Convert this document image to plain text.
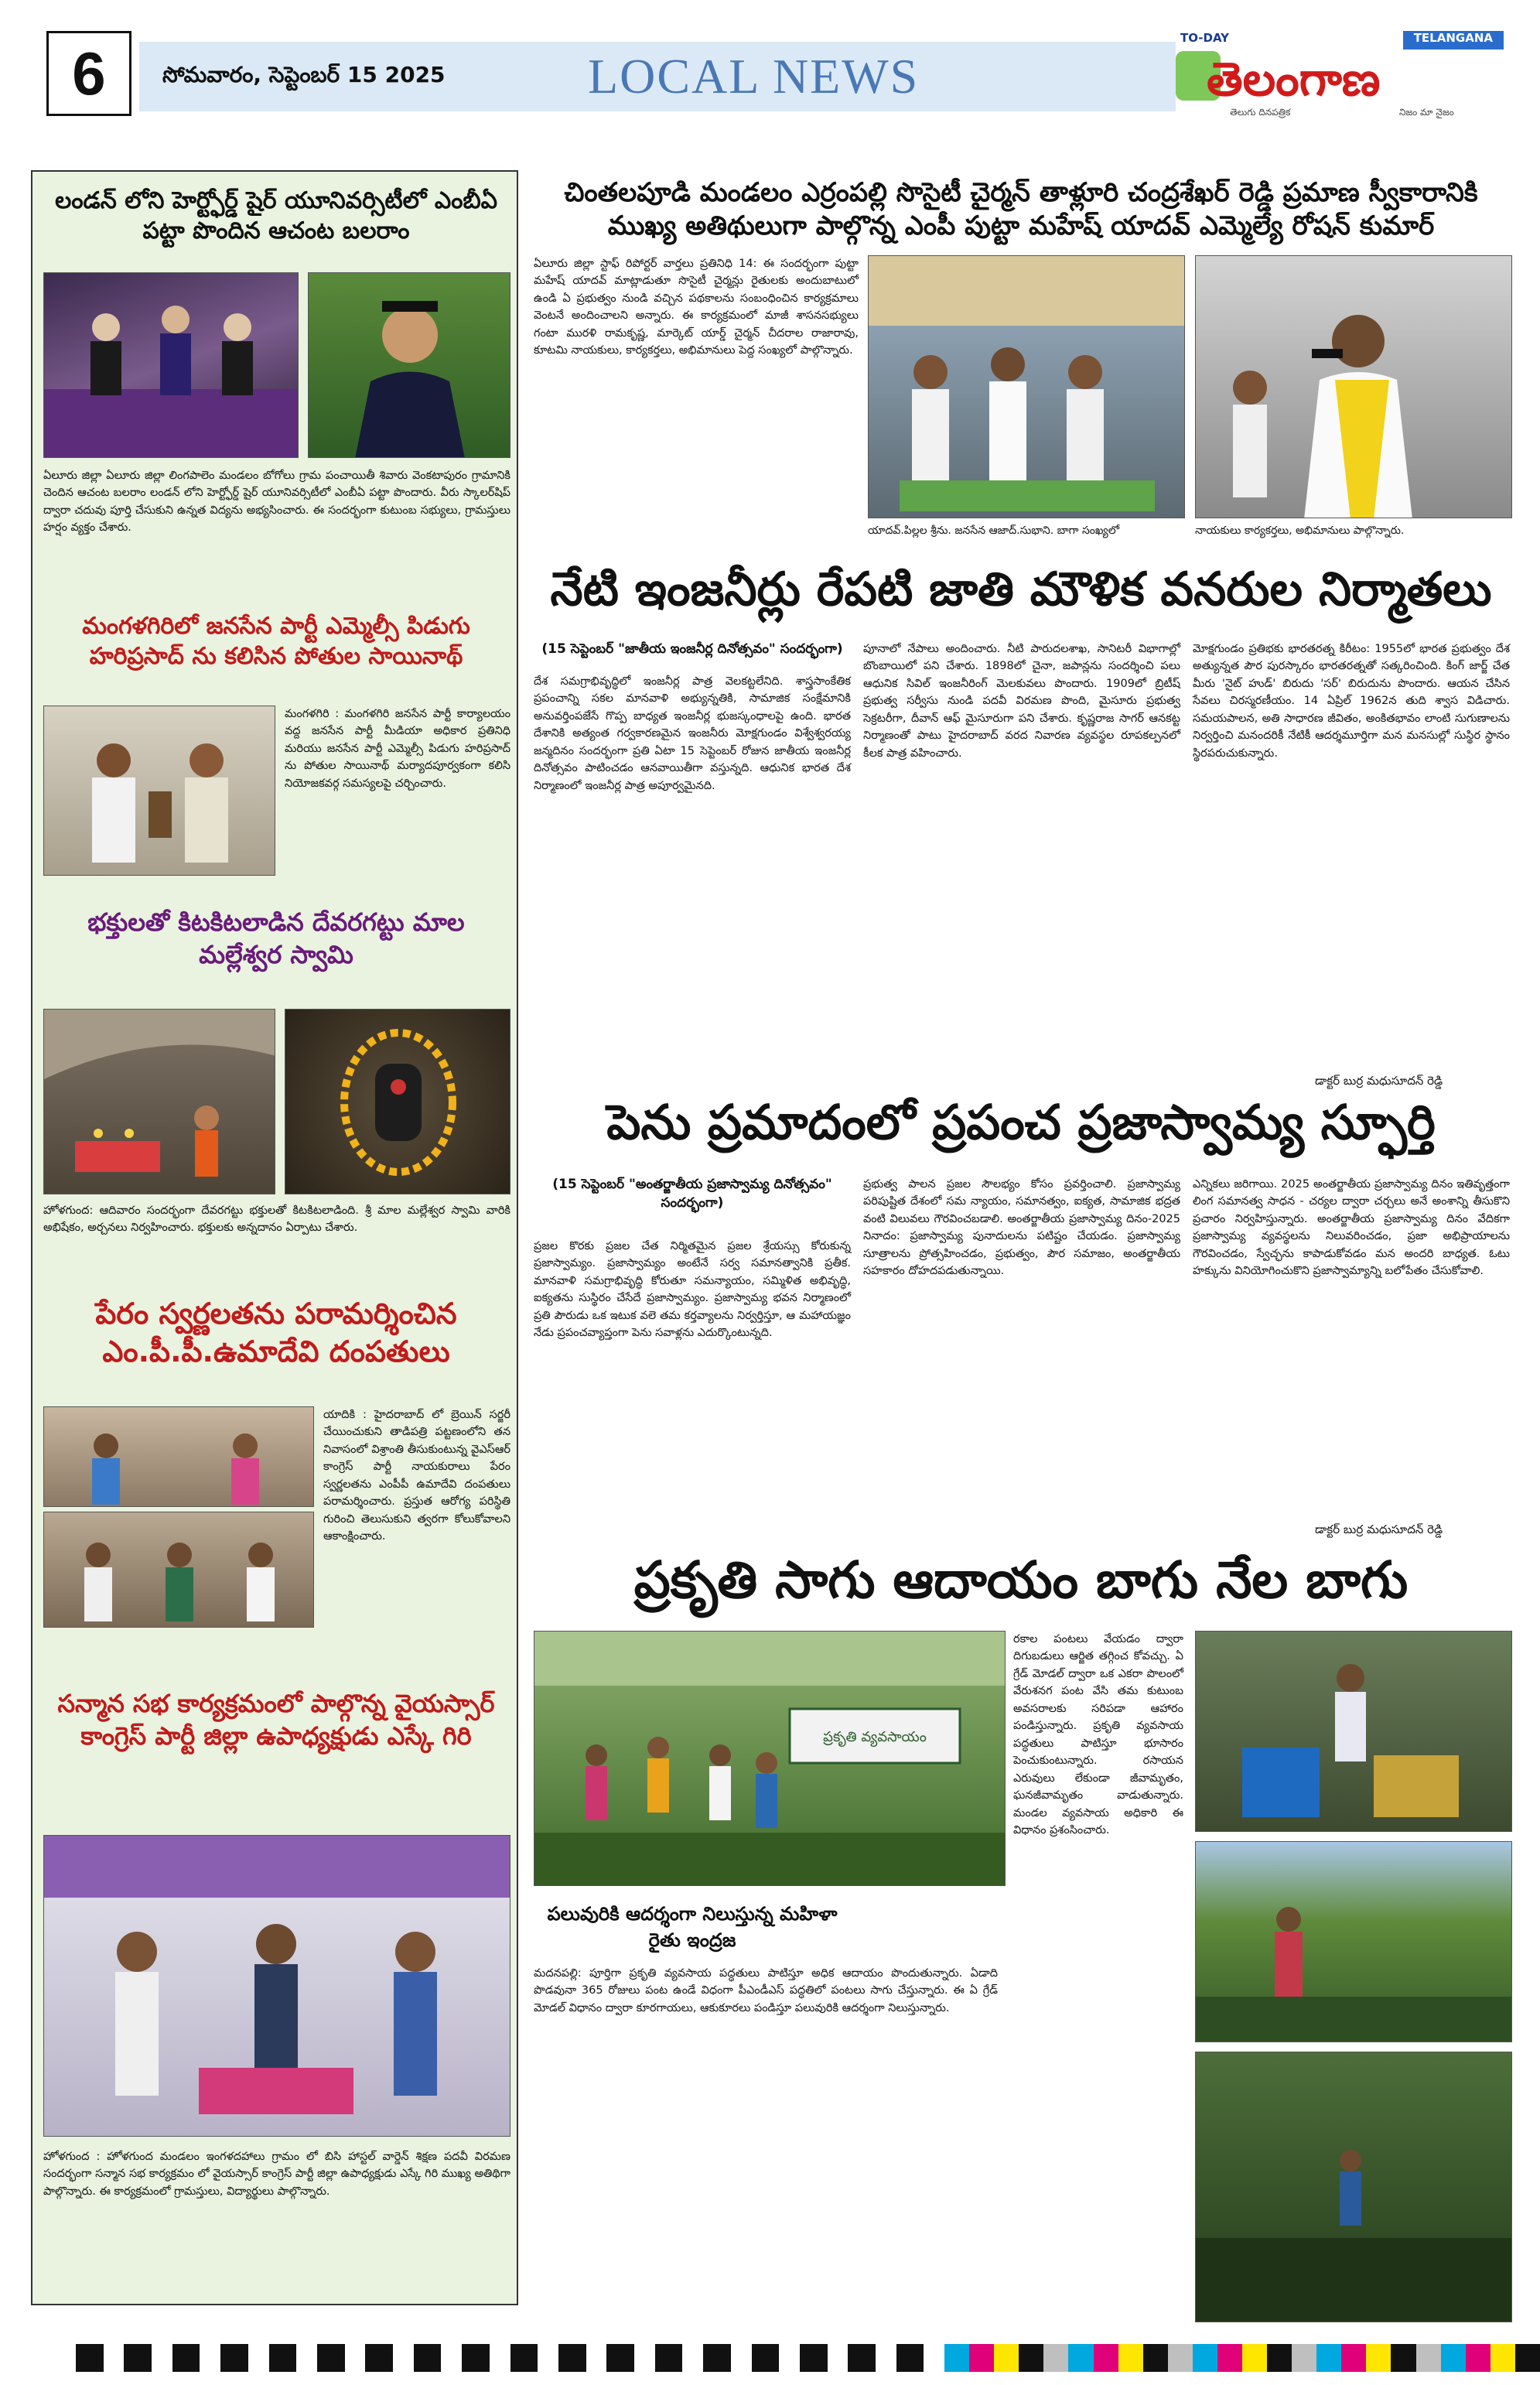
6	సోమవారం, సెప్టెంబర్ 15 2025	LOCAL NEWS
TO-DAY	TELANGANA
తెలంగాణ
తెలుగు దినపత్రిక	నిజం మా నైజం
లండన్ లోని హెర్ట్ఫోర్డ్ షైర్ యూనివర్సిటీలో ఎంబీఏ పట్టా పొందిన ఆచంట బలరాం
ఏలూరు జిల్లా ఏలూరు జిల్లా లింగపాలెం మండలం బోగోలు గ్రామ పంచాయితీ శివారు వెంకటాపురం గ్రామానికి చెందిన ఆచంట బలరాం లండన్ లోని హెర్ట్ఫోర్డ్ షైర్ యూనివర్సిటీలో ఎంబీఏ పట్టా పొందారు. వీరు స్కాలర్‌షిప్ ద్వారా చదువు పూర్తి చేసుకుని ఉన్నత విద్యను అభ్యసించారు. ఈ సందర్భంగా కుటుంబ సభ్యులు, గ్రామస్తులు హర్షం వ్యక్తం చేశారు.
మంగళగిరిలో జనసేన పార్టీ ఎమ్మెల్సీ పిడుగు హరిప్రసాద్ ను కలిసిన పోతుల సాయినాథ్
మంగళగిరి : మంగళగిరి జనసేన పార్టీ కార్యాలయం వద్ద జనసేన పార్టీ మీడియా అధికార ప్రతినిధి మరియు జనసేన పార్టీ ఎమ్మెల్సీ పిడుగు హరిప్రసాద్ ను పోతుల సాయినాథ్ మర్యాదపూర్వకంగా కలిసి నియోజకవర్గ సమస్యలపై చర్చించారు.
భక్తులతో కిటకిటలాడిన దేవరగట్టు మాల మల్లేశ్వర స్వామి
హోళగుంద: ఆదివారం సందర్భంగా దేవరగట్టు భక్తులతో కిటకిటలాడింది. శ్రీ మాల మల్లేశ్వర స్వామి వారికి అభిషేకం, అర్చనలు నిర్వహించారు. భక్తులకు అన్నదానం ఏర్పాటు చేశారు.
పేరం స్వర్ణలతను పరామర్శించిన ఎం.పీ.పీ.ఉమాదేవి దంపతులు
యాదికి : హైదరాబాద్ లో బ్రెయిన్ సర్జరీ చేయించుకుని తాడిపత్రి పట్టణంలోని తన నివాసంలో విశ్రాంతి తీసుకుంటున్న వైఎస్ఆర్ కాంగ్రెస్ పార్టీ నాయకురాలు పేరం స్వర్ణలతను ఎంపీపీ ఉమాదేవి దంపతులు పరామర్శించారు. ప్రస్తుత ఆరోగ్య పరిస్థితి గురించి తెలుసుకుని త్వరగా కోలుకోవాలని ఆకాంక్షించారు.
సన్మాన సభ కార్యక్రమంలో పాల్గొన్న వైయస్సార్ కాంగ్రెస్ పార్టీ జిల్లా ఉపాధ్యక్షుడు ఎస్కే గిరి
హోళగుంద : హోళగుంద మండలం ఇంగళదహాలు గ్రామం లో బిసి హాస్టల్ వార్డెన్ శిక్షణ పదవీ విరమణ సందర్భంగా సన్మాన సభ కార్యక్రమం లో వైయస్సార్ కాంగ్రెస్ పార్టీ జిల్లా ఉపాధ్యక్షుడు ఎస్కే గిరి ముఖ్య అతిథిగా పాల్గొన్నారు. ఈ కార్యక్రమంలో గ్రామస్తులు, విద్యార్థులు పాల్గొన్నారు.
చింతలపూడి మండలం ఎర్రంపల్లి సొసైటీ చైర్మన్ తాళ్లూరి చంద్రశేఖర్ రెడ్డి ప్రమాణ స్వీకారానికి ముఖ్య అతిథులుగా పాల్గొన్న ఎంపీ పుట్టా మహేష్ యాదవ్ ఎమ్మెల్యే రోషన్ కుమార్
ఏలూరు జిల్లా స్టాఫ్ రిపోర్టర్ వార్తలు ప్రతినిధి 14: ఈ సందర్భంగా పుట్టా మహేష్ యాదవ్ మాట్లాడుతూ సొసైటీ చైర్మన్లు రైతులకు అందుబాటులో ఉండి ఏ ప్రభుత్వం నుండి వచ్చిన పథకాలను సంబంధించిన కార్యక్రమాలు వెంటనే అందించాలని అన్నారు. ఈ కార్యక్రమంలో మాజీ శాసనసభ్యులు గంటా మురళి రామకృష్ణ, మార్కెట్ యార్డ్ చైర్మన్ చీదరాల రాజారావు, కూటమి నాయకులు, కార్యకర్తలు, అభిమానులు పెద్ద సంఖ్యలో పాల్గొన్నారు.
యాదవ్.పిల్లల శ్రీను. జనసేన ఆజాద్.సుభాని. బాగా సంఖ్యలో	నాయకులు కార్యకర్తలు, అభిమానులు పాల్గొన్నారు.
నేటి ఇంజనీర్లు రేపటి జాతి మౌళిక వనరుల నిర్మాతలు
(15 సెప్టెంబర్ "జాతీయ ఇంజనీర్ల దినోత్సవం" సందర్భంగా)
దేశ సమగ్రాభివృద్ధిలో ఇంజనీర్ల పాత్ర వెలకట్టలేనిది. శాస్త్రసాంకేతిక ప్రపంచాన్ని సకల మానవాళి అభ్యున్నతికి, సామాజిక సంక్షేమానికి అనువర్తింపజేసే గొప్ప బాధ్యత ఇంజనీర్ల భుజస్కంధాలపై ఉంది. భారత దేశానికి అత్యంత గర్వకారణమైన ఇంజనీరు మోక్షగుండం విశ్వేశ్వరయ్య జన్మదినం సందర్భంగా ప్రతి ఏటా 15 సెప్టెంబర్ రోజున జాతీయ ఇంజనీర్ల దినోత్సవం పాటించడం ఆనవాయితీగా వస్తున్నది. ఆధునిక భారత దేశ నిర్మాణంలో ఇంజనీర్ల పాత్ర అపూర్వమైనది.
పూనాలో నేపాలు అందించారు. నీటి పారుదలశాఖ, సానిటరీ విభాగాల్లో బొంబాయిలో పని చేశారు. 1898లో చైనా, జపాన్లను సందర్శించి పలు ఆధునిక సివిల్ ఇంజనీరింగ్ మెలకువలు పొందారు. 1909లో బ్రిటీష్ ప్రభుత్వ సర్వీసు నుండి పదవీ విరమణ పొంది, మైసూరు ప్రభుత్వ సెక్రటరీగా, దీవాన్ ఆఫ్ మైసూరుగా పని చేశారు. కృష్ణరాజ సాగర్ ఆనకట్ట నిర్మాణంతో పాటు హైదరాబాద్ వరద నివారణ వ్యవస్థల రూపకల్పనలో కీలక పాత్ర వహించారు.
మోక్షగుండం ప్రతిభకు భారతరత్న కిరీటం: 1955లో భారత ప్రభుత్వం దేశ అత్యున్నత పౌర పురస్కారం భారతరత్నతో సత్కరించింది. కింగ్ జార్జ్ చేత మీరు 'నైట్ హుడ్' బిరుదు 'సర్' బిరుదును పొందారు. ఆయన చేసిన సేవలు చిరస్మరణీయం. 14 ఏప్రిల్ 1962న తుది శ్వాస విడిచారు. సమయపాలన, అతి సాధారణ జీవితం, అంకితభావం లాంటి సుగుణాలను నిర్వర్తించి మనందరికీ నేటికీ ఆదర్శమూర్తిగా మన మనసుల్లో సుస్థిర స్థానం స్థిరపరుచుకున్నారు.
డాక్టర్ బుర్ర మధుసూదన్ రెడ్డి
పెను ప్రమాదంలో ప్రపంచ ప్రజాస్వామ్య స్ఫూర్తి
(15 సెప్టెంబర్ "అంతర్జాతీయ ప్రజాస్వామ్య దినోత్సవం" సందర్భంగా)
ప్రజల కొరకు ప్రజల చేత నిర్మితమైన ప్రజల శ్రేయస్సు కోరుకున్న ప్రజాస్వామ్యం. ప్రజాస్వామ్యం అంటేనే సర్వ సమానత్వానికి ప్రతీక. మానవాళి సమగ్రాభివృద్ధి కోరుతూ సమన్యాయం, సమ్మిళిత అభివృద్ధి, ఐక్యతను సుస్థిరం చేసేదే ప్రజాస్వామ్యం. ప్రజాస్వామ్య భవన నిర్మాణంలో ప్రతి పౌరుడు ఒక ఇటుక వలె తమ కర్తవ్యాలను నిర్వర్తిస్తూ, ఆ మహాయజ్ఞం నేడు ప్రపంచవ్యాప్తంగా పెను సవాళ్లను ఎదుర్కొంటున్నది.
ప్రభుత్వ పాలన ప్రజల సౌలభ్యం కోసం ప్రవర్తించాలి. ప్రజాస్వామ్య పరిపుష్టిత దేశంలో సమ న్యాయం, సమానత్వం, ఐక్యత, సామాజిక భద్రత వంటి విలువలు గౌరవించబడాలి. అంతర్జాతీయ ప్రజాస్వామ్య దినం-2025 నినాదం: ప్రజాస్వామ్య పునాదులను పటిష్టం చేయడం. ప్రజాస్వామ్య సూత్రాలను ప్రోత్సహించడం, ప్రభుత్వం, పౌర సమాజం, అంతర్జాతీయ సహకారం దోహదపడుతున్నాయి.
ఎన్నికలు జరిగాయి. 2025 అంతర్జాతీయ ప్రజాస్వామ్య దినం ఇతివృత్తంగా లింగ సమానత్వ సాధన - చర్యల ద్వారా చర్చలు అనే అంశాన్ని తీసుకొని ప్రచారం నిర్వహిస్తున్నారు. అంతర్జాతీయ ప్రజాస్వామ్య దినం వేదికగా ప్రజాస్వామ్య వ్యవస్థలను నిలువరించడం, ప్రజా అభిప్రాయాలను గౌరవించడం, స్వేచ్ఛను కాపాడుకోవడం మన అందరి బాధ్యత. ఓటు హక్కును వినియోగించుకొని ప్రజాస్వామ్యాన్ని బలోపేతం చేసుకోవాలి.
డాక్టర్ బుర్ర మధుసూదన్ రెడ్డి
ప్రకృతి సాగు ఆదాయం బాగు నేల బాగు
ప్రకృతి వ్యవసాయం
రకాల పంటలు వేయడం ద్వారా దిగుబడులు ఆర్జిత తగ్గించ కోవచ్చు. ఏ గ్రేడ్ మోడల్ ద్వారా ఒక ఎకరా పొలంలో వేరుశనగ పంట వేసి తమ కుటుంబ అవసరాలకు సరిపడా ఆహారం పండిస్తున్నారు. ప్రకృతి వ్యవసాయ పద్ధతులు పాటిస్తూ భూసారం పెంచుకుంటున్నారు. రసాయన ఎరువులు లేకుండా జీవామృతం, ఘనజీవామృతం వాడుతున్నారు. మండల వ్యవసాయ అధికారి ఈ విధానం ప్రశంసించారు.
పలువురికి ఆదర్శంగా నిలుస్తున్న మహిళా రైతు ఇంద్రజ
మదనపల్లి: పూర్తిగా ప్రకృతి వ్యవసాయ పద్ధతులు పాటిస్తూ అధిక ఆదాయం పొందుతున్నారు. ఏడాది పొడవునా 365 రోజులు పంట ఉండే విధంగా పీఎండీఎస్ పద్ధతిలో పంటలు సాగు చేస్తున్నారు. ఈ ఏ గ్రేడ్ మోడల్ విధానం ద్వారా కూరగాయలు, ఆకుకూరలు పండిస్తూ పలువురికి ఆదర్శంగా నిలుస్తున్నారు.
